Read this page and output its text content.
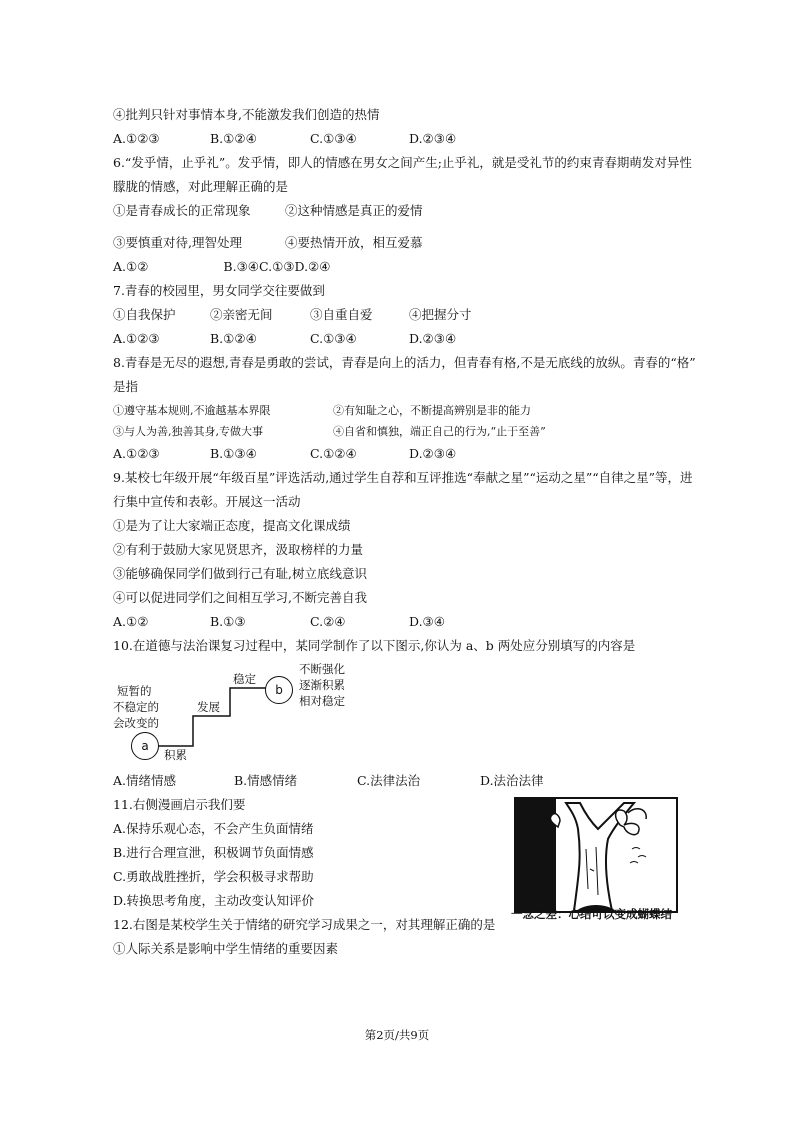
④批判只针对事情本身,不能激发我们创造的热情
A.①②③	B.①②④	C.①③④	D.②③④
6.“发乎情，止乎礼”。发乎情，即人的情感在男女之间产生;止乎礼，就是受礼节的约束青春期萌发对异性
朦胧的情感，对此理解正确的是
①是青春成长的正常现象	②这种情感是真正的爱情
③要慎重对待,理智处理	④要热情开放，相互爱慕
A.①②　　　　　　B.③④C.①③D.②④
7.青春的校园里，男女同学交往要做到
①自我保护	②亲密无间	③自重自爱	④把握分寸
A.①②③	B.①②④	C.①③④	D.②③④
8.青春是无尽的遐想,青春是勇敢的尝试，青春是向上的活力，但青春有格,不是无底线的放纵。青春的“格”
是指
①遵守基本规则,不逾越基本界限	②有知耻之心，不断提高辨别是非的能力
③与人为善,独善其身,专做大事	④自省和慎独，端正自己的行为,“止于至善”
A.①②③	B.①③④	C.①②④	D.②③④
9.某校七年级开展“年级百星”评选活动,通过学生自荐和互评推选“奉献之星”“运动之星”“自律之星”等，进
行集中宣传和表彰。开展这一活动
①是为了让大家端正态度，提高文化课成绩
②有利于鼓励大家见贤思齐，汲取榜样的力量
③能够确保同学们做到行己有耻,树立底线意识
④可以促进同学们之间相互学习,不断完善自我
A.①②	B.①③	C.②④	D.③④
10.在道德与法治课复习过程中，某同学制作了以下图示,你认为 a、b 两处应分别填写的内容是
短暂的
不稳定的
会改变的
a
积累
发展
稳定
b
不断强化
逐渐积累
相对稳定
A.情绪情感	B.情感情绪	C.法律法治	D.法治法律
11.右侧漫画启示我们要
A.保持乐观心态，不会产生负面情绪
B.进行合理宣泄，积极调节负面情感
C.勇敢战胜挫折，学会积极寻求帮助
D.转换思考角度，主动改变认知评价
一念之差：心结可以变成蝴蝶结
12.右图是某校学生关于情绪的研究学习成果之一，对其理解正确的是
①人际关系是影响中学生情绪的重要因素
第2页/共9页
